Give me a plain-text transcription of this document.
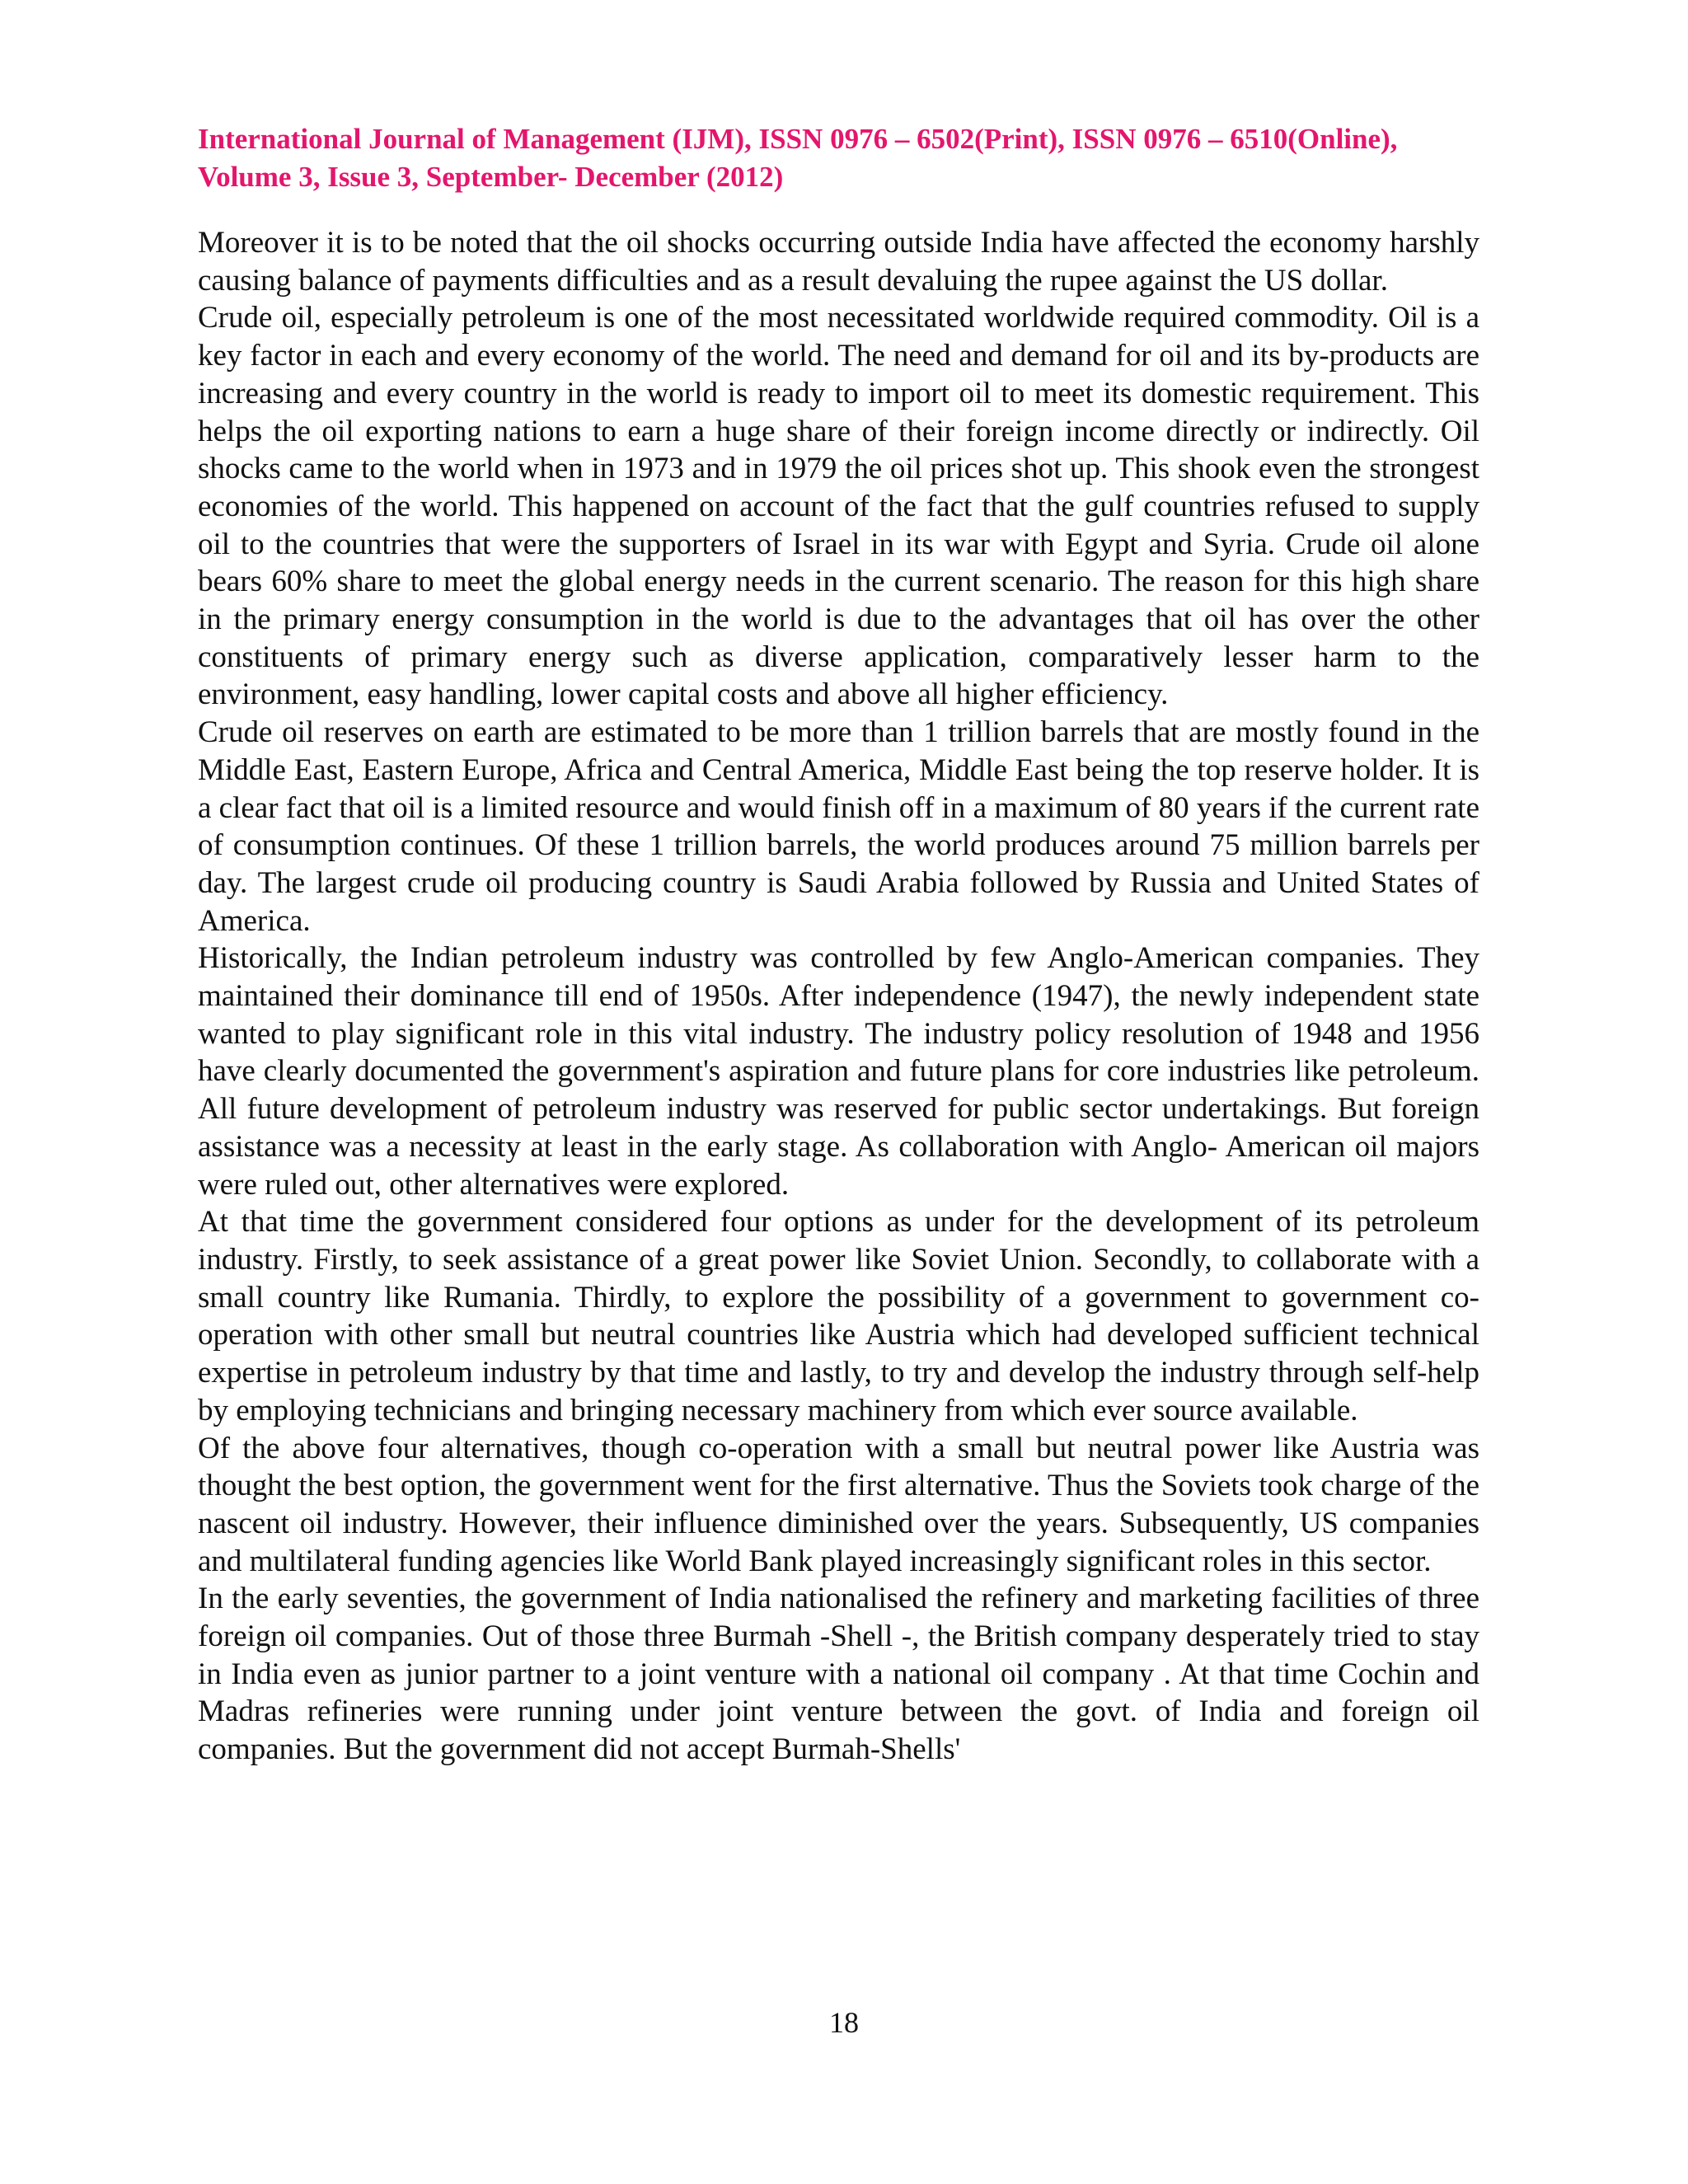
International Journal of Management (IJM), ISSN 0976 – 6502(Print), ISSN 0976 – 6510(Online),
Volume 3, Issue 3, September- December (2012)

Moreover it is to be noted that the oil shocks occurring outside India have affected the economy harshly causing balance of payments difficulties and as a result devaluing the rupee against the US dollar.

Crude oil, especially petroleum is one of the most necessitated worldwide required commodity. Oil is a key factor in each and every economy of the world. The need and demand for oil and its by-products are increasing and every country in the world is ready to import oil to meet its domestic requirement. This helps the oil exporting nations to earn a huge share of their foreign income directly or indirectly. Oil shocks came to the world when in 1973 and in 1979 the oil prices shot up. This shook even the strongest economies of the world. This happened on account of the fact that the gulf countries refused to supply oil to the countries that were the supporters of Israel in its war with Egypt and Syria. Crude oil alone bears 60% share to meet the global energy needs in the current scenario. The reason for this high share in the primary energy consumption in the world is due to the advantages that oil has over the other constituents of primary energy such as diverse application, comparatively lesser harm to the environment, easy handling, lower capital costs and above all higher efficiency.

Crude oil reserves on earth are estimated to be more than 1 trillion barrels that are mostly found in the Middle East, Eastern Europe, Africa and Central America, Middle East being the top reserve holder. It is a clear fact that oil is a limited resource and would finish off in a maximum of 80 years if the current rate of consumption continues. Of these 1 trillion barrels, the world produces around 75 million barrels per day. The largest crude oil producing country is Saudi Arabia followed by Russia and United States of America.

Historically, the Indian petroleum industry was controlled by few Anglo-American companies. They maintained their dominance till end of 1950s. After independence (1947), the newly independent state wanted to play significant role in this vital industry. The industry policy resolution of 1948 and 1956 have clearly documented the government's aspiration and future plans for core industries like petroleum. All future development of petroleum industry was reserved for public sector undertakings. But foreign assistance was a necessity at least in the early stage. As collaboration with Anglo- American oil majors were ruled out, other alternatives were explored.

At that time the government considered four options as under for the development of its petroleum industry. Firstly, to seek assistance of a great power like Soviet Union. Secondly, to collaborate with a small country like Rumania. Thirdly, to explore the possibility of a government to government co-operation with other small but neutral countries like Austria which had developed sufficient technical expertise in petroleum industry by that time and lastly, to try and develop the industry through self-help by employing technicians and bringing necessary machinery from which ever source available.

Of the above four alternatives, though co-operation with a small but neutral power like Austria was thought the best option, the government went for the first alternative. Thus the Soviets took charge of the nascent oil industry. However, their influence diminished over the years. Subsequently, US companies and multilateral funding agencies like World Bank played increasingly significant roles in this sector.

In the early seventies, the government of India nationalised the refinery and marketing facilities of three foreign oil companies. Out of those three Burmah -Shell -, the British company desperately tried to stay in India even as junior partner to a joint venture with a national oil company . At that time Cochin and Madras refineries were running under joint venture between the govt. of India and foreign oil companies. But the government did not accept Burmah-Shells'

18
